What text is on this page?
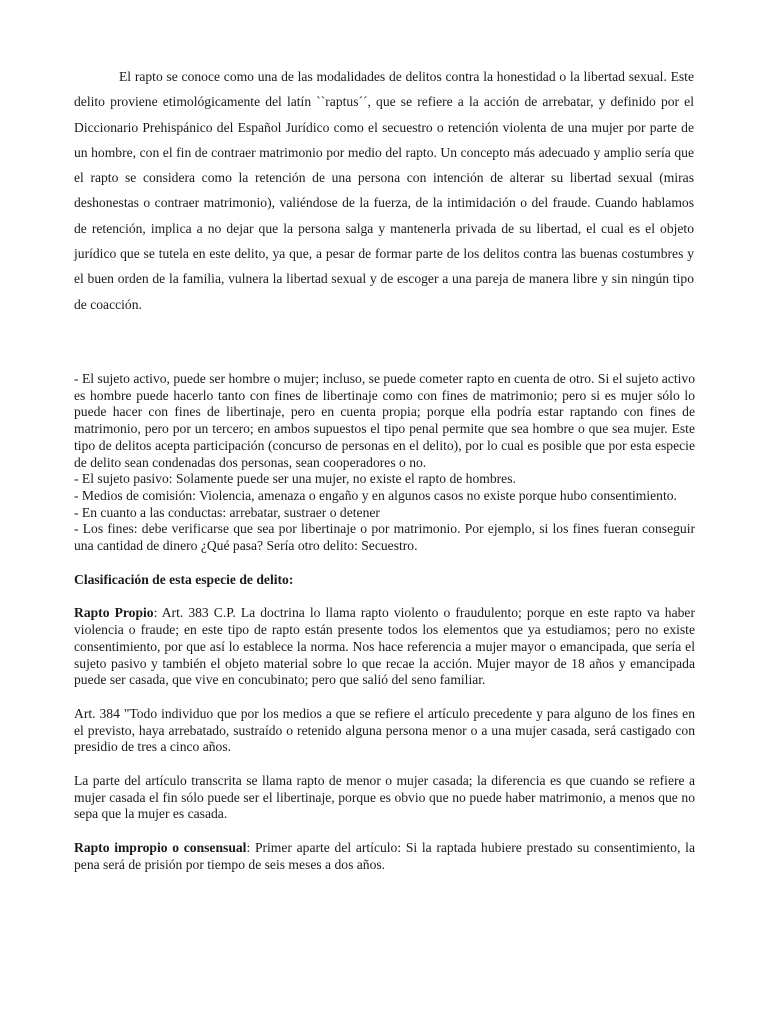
El rapto se conoce como una de las modalidades de delitos contra la honestidad o la libertad sexual. Este delito proviene etimológicamente del latín ``raptus´´, que se refiere a la acción de arrebatar, y definido por el Diccionario Prehispánico del Español Jurídico como el secuestro o retención violenta de una mujer por parte de un hombre, con el fin de contraer matrimonio por medio del rapto. Un concepto más adecuado y amplio sería que el rapto se considera como la retención de una persona con intención de alterar su libertad sexual (miras deshonestas o contraer matrimonio), valiéndose de la fuerza, de la intimidación o del fraude. Cuando hablamos de retención, implica a no dejar que la persona salga y mantenerla privada de su libertad, el cual es el objeto jurídico que se tutela en este delito, ya que, a pesar de formar parte de los delitos contra las buenas costumbres y el buen orden de la familia, vulnera la libertad sexual y de escoger a una pareja de manera libre y sin ningún tipo de coacción.

- El sujeto activo, puede ser hombre o mujer; incluso, se puede cometer rapto en cuenta de otro. Si el sujeto activo es hombre puede hacerlo tanto con fines de libertinaje como con fines de matrimonio; pero si es mujer sólo lo puede hacer con fines de libertinaje, pero en cuenta propia; porque ella podría estar raptando con fines de matrimonio, pero por un tercero; en ambos supuestos el tipo penal permite que sea hombre o que sea mujer. Este tipo de delitos acepta participación (concurso de personas en el delito), por lo cual es posible que por esta especie de delito sean condenadas dos personas, sean cooperadores o no.

- El sujeto pasivo: Solamente puede ser una mujer, no existe el rapto de hombres.

- Medios de comisión: Violencia, amenaza o engaño y en algunos casos no existe porque hubo consentimiento.

- En cuanto a las conductas: arrebatar, sustraer o detener

- Los fines: debe verificarse que sea por libertinaje o por matrimonio. Por ejemplo, si los fines fueran conseguir una cantidad de dinero ¿Qué pasa? Sería otro delito: Secuestro.

Clasificación de esta especie de delito:

Rapto Propio: Art. 383 C.P. La doctrina lo llama rapto violento o fraudulento; porque en este rapto va haber violencia o fraude; en este tipo de rapto están presente todos los elementos que ya estudiamos; pero no existe consentimiento, por que así lo establece la norma. Nos hace referencia a mujer mayor o emancipada, que sería el sujeto pasivo y también el objeto material sobre lo que recae la acción. Mujer mayor de 18 años y emancipada puede ser casada, que vive en concubinato; pero que salió del seno familiar.

Art. 384 "Todo individuo que por los medios a que se refiere el artículo precedente y para alguno de los fines en el previsto, haya arrebatado, sustraído o retenido alguna persona menor o a una mujer casada, será castigado con presidio de tres a cinco años.

La parte del artículo transcrita se llama rapto de menor o mujer casada; la diferencia es que cuando se refiere a mujer casada el fin sólo puede ser el libertinaje, porque es obvio que no puede haber matrimonio, a menos que no sepa que la mujer es casada.

Rapto impropio o consensual: Primer aparte del artículo: Si la raptada hubiere prestado su consentimiento, la pena será de prisión por tiempo de seis meses a dos años.
